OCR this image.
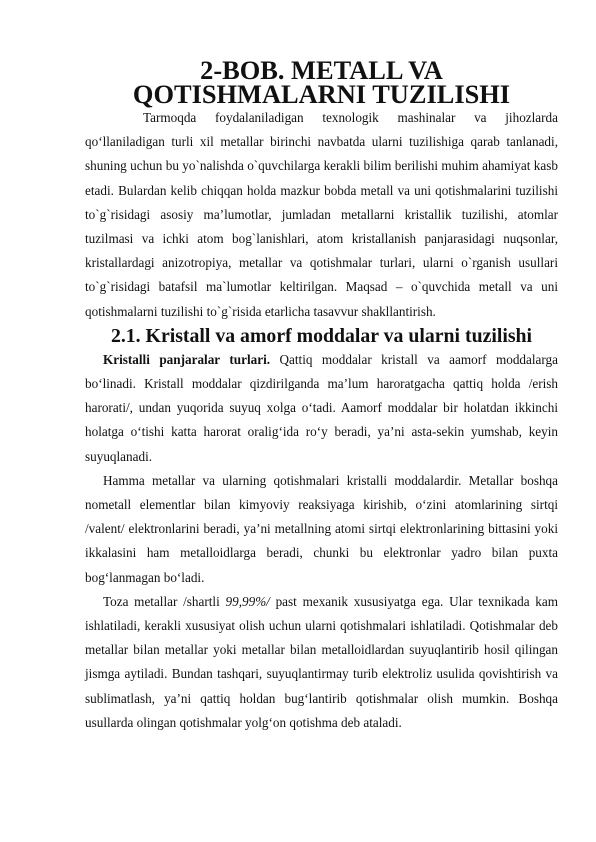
2-BOB. METALL VA QOTISHMALARNI TUZILISHI

Tarmoqda foydalaniladigan texnologik mashinalar va jihozlarda qo‘llaniladigan turli xil metallar birinchi navbatda ularni tuzilishiga qarab tanlanadi, shuning uchun bu yo`nalishda o`quvchilarga kerakli bilim berilishi muhim ahamiyat kasb etadi. Bulardan kelib chiqqan holda mazkur bobda metall va uni qotishmalarini tuzilishi to`g`risidagi asosiy ma’lumotlar, jumladan metallarni kristallik tuzilishi, atomlar tuzilmasi va ichki atom bog`lanishlari, atom kristallanish panjarasidagi nuqsonlar, kristallardagi anizotropiya, metallar va qotishmalar turlari, ularni o`rganish usullari to`g`risidagi batafsil ma`lumotlar keltirilgan. Maqsad – o`quvchida metall va uni qotishmalarni tuzilishi to`g`risida etarlicha tasavvur shakllantirish.

2.1. Kristall va amorf moddalar va ularni tuzilishi

Kristalli panjaralar turlari. Qattiq moddalar kristall va aamorf moddalarga bo‘linadi. Kristall moddalar qizdirilganda ma’lum haroratgacha qattiq holda /erish harorati/, undan yuqorida suyuq xolga o‘tadi. Aamorf moddalar bir holatdan ikkinchi holatga o‘tishi katta harorat oralig‘ida ro‘y beradi, ya’ni asta-sekin yumshab, keyin suyuqlanadi.

Hamma metallar va ularning qotishmalari kristalli moddalardir. Metallar boshqa nometall elementlar bilan kimyoviy reaksiyaga kirishib, o‘zini atomlarining sirtqi /valent/ elektronlarini beradi, ya’ni metallning atomi sirtqi elektronlarining bittasini yoki ikkalasini ham metalloidlarga beradi, chunki bu elektronlar yadro bilan puxta bog‘lanmagan bo‘ladi.

Toza metallar /shartli 99,99%/ past mexanik xususiyatga ega. Ular texnikada kam ishlatiladi, kerakli xususiyat olish uchun ularni qotishmalari ishlatiladi. Qotishmalar deb metallar bilan metallar yoki metallar bilan metalloidlardan suyuqlantirib hosil qilingan jismga aytiladi. Bundan tashqari, suyuqlantirmay turib elektroliz usulida qovishtirish va sublimatlash, ya’ni qattiq holdan bug‘lantirib qotishmalar olish mumkin. Boshqa usullarda olingan qotishmalar yolg‘on qotishma deb ataladi.
